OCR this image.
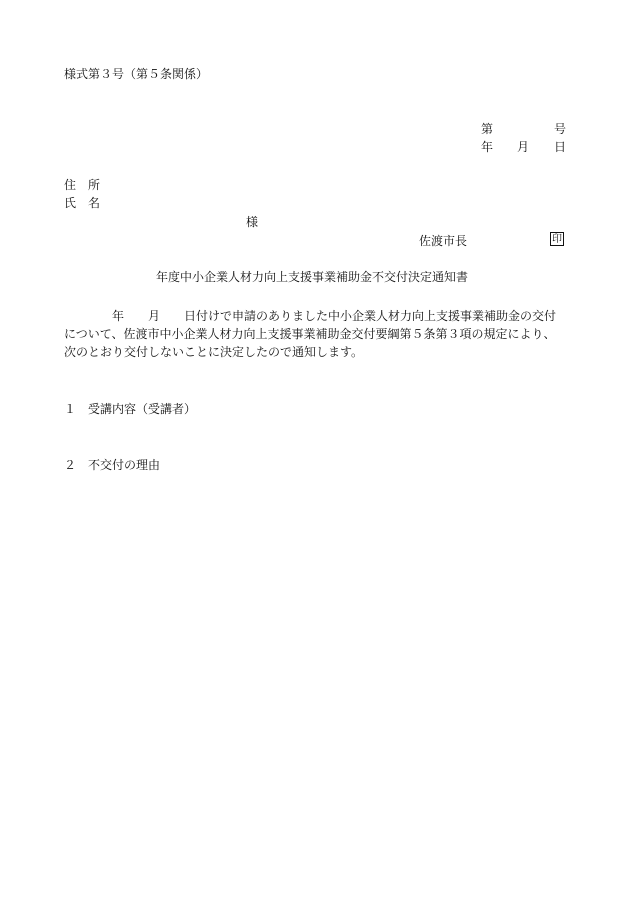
様式第３号（第５条関係）
第	号
年 月 日
住　所
氏　名
様
佐渡市長	印
年度中小企業人材力向上支援事業補助金不交付決定通知書
　　　　年　　月　　日付けで申請のありました中小企業人材力向上支援事業補助金の交付
について、佐渡市中小企業人材力向上支援事業補助金交付要綱第５条第３項の規定により、
次のとおり交付しないことに決定したので通知します。
１　受講内容（受講者）
２　不交付の理由
